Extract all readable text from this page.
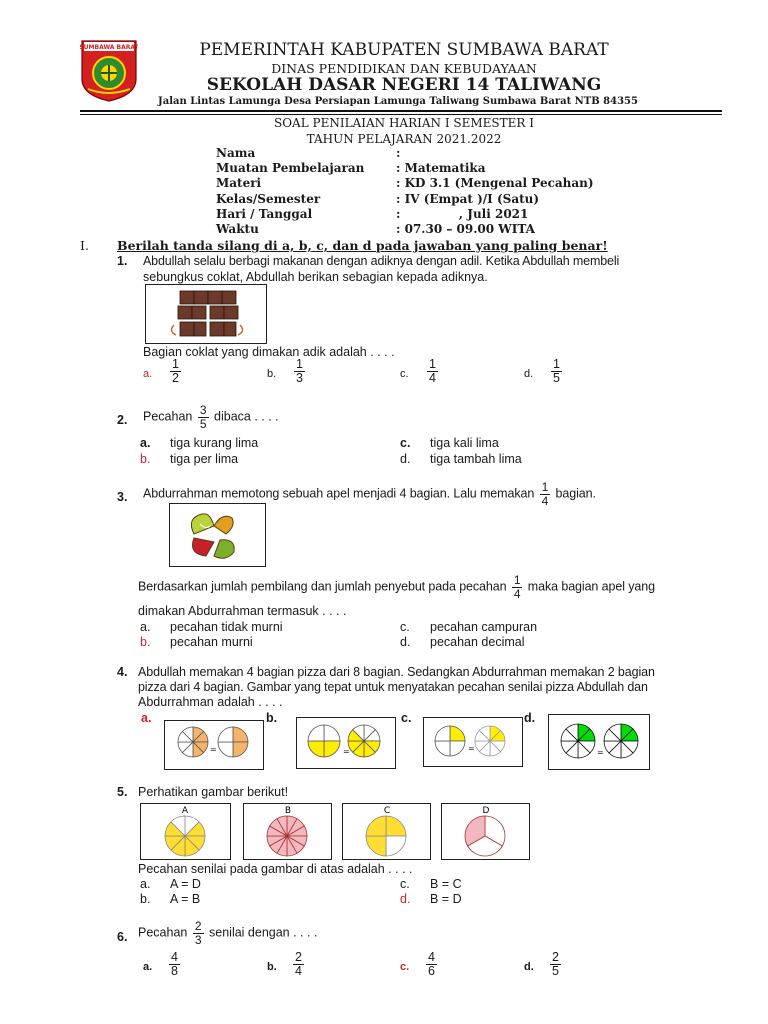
SUMBAWA BARAT	PEMERINTAH KABUPATEN SUMBAWA BARAT
DINAS PENDIDIKAN DAN KEBUDAYAAN
SEKOLAH DASAR NEGERI 14 TALIWANG
Jalan Lintas Lamunga Desa Persiapan Lamunga Taliwang Sumbawa Barat NTB 84355
SOAL PENILAIAN HARIAN I SEMESTER I
TAHUN PELAJARAN 2021.2022
Nama	:
Muatan Pembelajaran	: Matematika
Materi	: KD 3.1 (Mengenal Pecahan)
Kelas/Semester	: IV (Empat )/I (Satu)
Hari / Tanggal	:              , Juli 2021
Waktu	: 07.30 – 09.00 WITA
I. Berilah tanda silang di a, b, c, dan d pada jawaban yang paling benar!
1. Abdullah selalu berbagi makanan dengan adiknya dengan adil. Ketika Abdullah membeli
sebungkus coklat, Abdullah berikan sebagian kepada adiknya.
Bagian coklat yang dimakan adik adalah . . . .
a. $\frac{1}{2}$	b. $\frac{1}{3}$	c. $\frac{1}{4}$	d. $\frac{1}{5}$
2. Pecahan $\frac{3}{5}$ dibaca . . . .
a. tiga kurang lima
b. tiga per lima
c. tiga kali lima
d. tiga tambah lima
3. Abdurrahman memotong sebuah apel menjadi 4 bagian. Lalu memakan $\frac{1}{4}$ bagian.
Berdasarkan jumlah pembilang dan jumlah penyebut pada pecahan $\frac{1}{4}$ maka bagian apel yang
dimakan Abdurrahman termasuk . . . .
a. pecahan tidak murni
b. pecahan murni
c. pecahan campuran
d. pecahan decimal
4. Abdullah memakan 4 bagian pizza dari 8 bagian. Sedangkan Abdurrahman memakan 2 bagian
pizza dari 4 bagian. Gambar yang tepat untuk menyatakan pecahan senilai pizza Abdullah dan
Abdurrahman adalah . . . .
a.	b.	c.	d.
=	=	=	=
5. Perhatikan gambar berikut!
A	B	C	D
Pecahan senilai pada gambar di atas adalah . . . .
a. A = D
b. A = B
c. B = C
d. B = D
6. Pecahan $\frac{2}{3}$ senilai dengan . . . .
a. $\frac{4}{8}$	b. $\frac{2}{4}$	c. $\frac{4}{6}$	d. $\frac{2}{5}$
